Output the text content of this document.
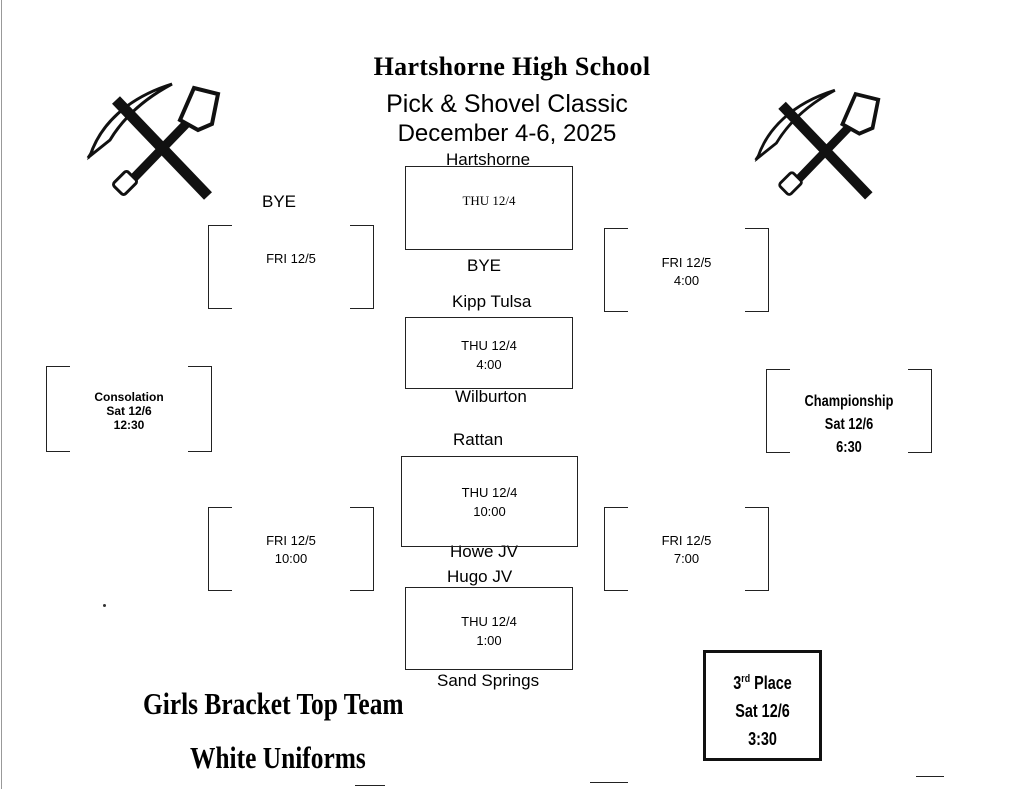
Hartshorne High School
Pick & Shovel Classic
December 4-6, 2025
Hartshorne
BYE
BYE
Kipp Tulsa
Wilburton
Rattan
Howe JV
Hugo JV
Sand Springs
THU 12/4
THU 12/4
4:00
THU 12/4
10:00
THU 12/4
1:00
FRI 12/5
FRI 12/5
10:00
FRI 12/5
4:00
FRI 12/5
7:00
Consolation
Sat 12/6
12:30

Championship
Sat 12/6
6:30

3rd Place
Sat 12/6
3:30
Girls Bracket Top Team
White Uniforms
